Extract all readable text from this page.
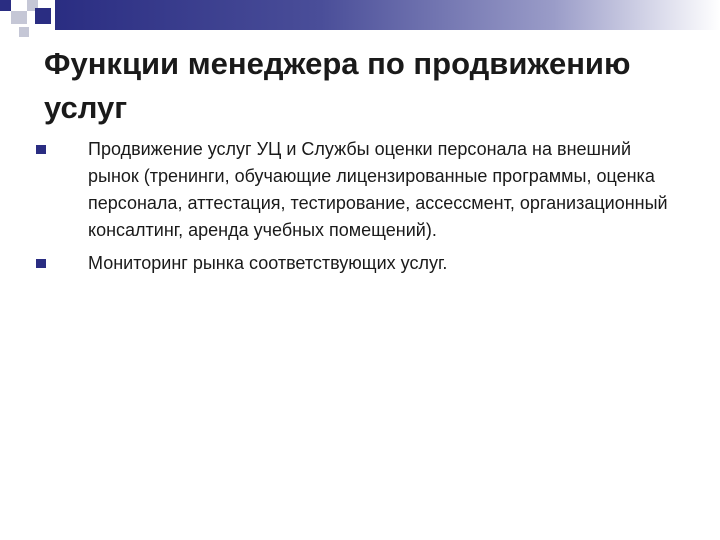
Функции менеджера по продвижению услуг
Продвижение услуг УЦ и Службы оценки персонала на внешний рынок (тренинги, обучающие лицензированные программы, оценка персонала, аттестация, тестирование, ассессмент, организационный консалтинг, аренда учебных помещений).
Мониторинг рынка соответствующих услуг.
